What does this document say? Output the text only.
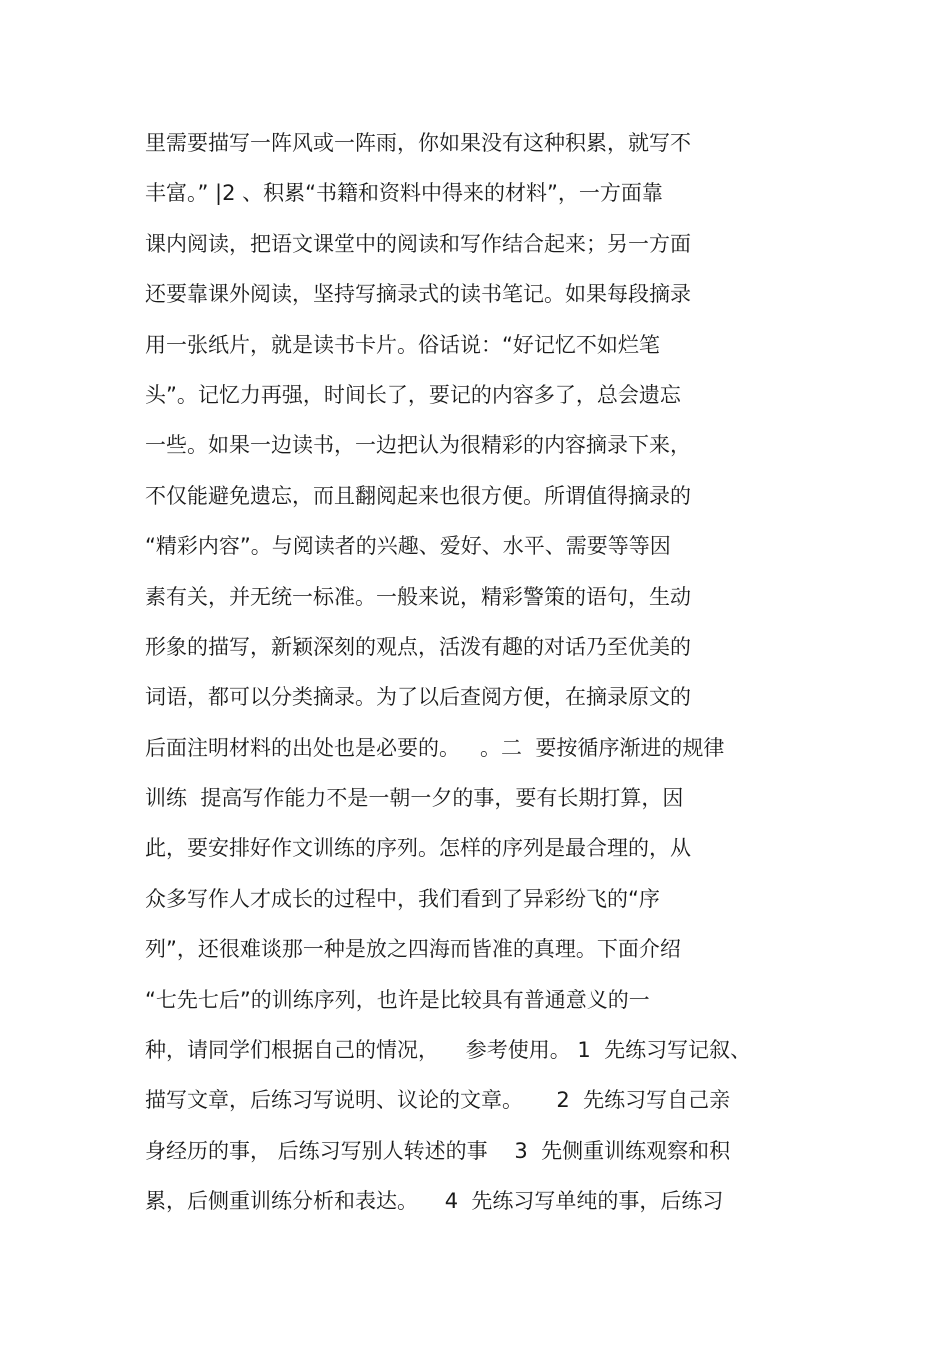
里需要描写一阵风或一阵雨，你如果没有这种积累，就写不
丰富。” |2 、积累“书籍和资料中得来的材料”，一方面靠
课内阅读，把语文课堂中的阅读和写作结合起来；另一方面
还要靠课外阅读，坚持写摘录式的读书笔记。如果每段摘录
用一张纸片，就是读书卡片。俗话说：“好记忆不如烂笔
头”。记忆力再强，时间长了，要记的内容多了，总会遗忘
一些。如果一边读书，一边把认为很精彩的内容摘录下来，
不仅能避免遗忘，而且翻阅起来也很方便。所谓值得摘录的
“精彩内容”。与阅读者的兴趣、爱好、水平、需要等等因
素有关，并无统一标准。一般来说，精彩警策的语句，生动
形象的描写，新颖深刻的观点，活泼有趣的对话乃至优美的
词语，都可以分类摘录。为了以后查阅方便，在摘录原文的
后面注明材料的出处也是必要的。   。二  要按循序渐进的规律
训练  提高写作能力不是一朝一夕的事，要有长期打算，因
此，要安排好作文训练的序列。怎样的序列是最合理的，从
众多写作人才成长的过程中，我们看到了异彩纷飞的“序
列”，还很难谈那一种是放之四海而皆准的真理。下面介绍
“七先七后”的训练序列，也许是比较具有普通意义的一
种，请同学们根据自己的情况，    参考使用。 1  先练习写记叙、
描写文章，后练习写说明、议论的文章。     2  先练习写自己亲
身经历的事， 后练习写别人转述的事    3  先侧重训练观察和积
累，后侧重训练分析和表达。    4  先练习写单纯的事，后练习
